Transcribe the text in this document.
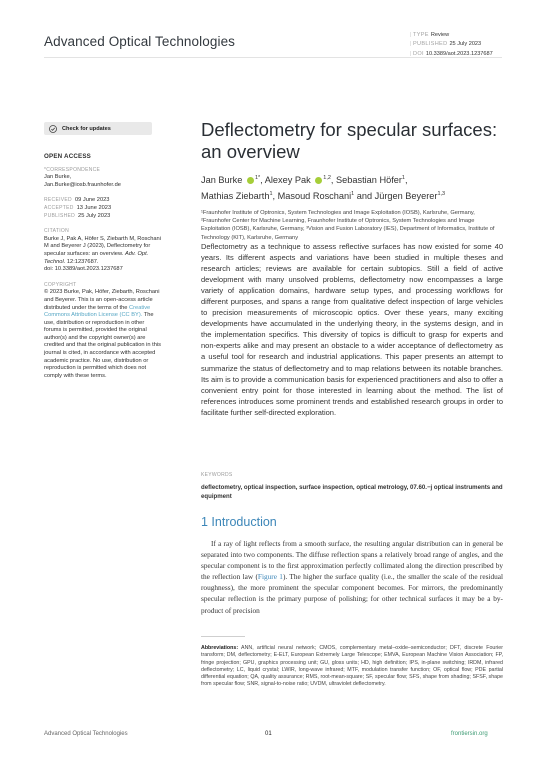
Advanced Optical Technologies	| TYPE Review
| PUBLISHED 25 July 2023
| DOI 10.3389/aot.2023.1237687
Check for updates
OPEN ACCESS
*CORRESPONDENCE
Jan Burke,
Jan.Burke@iosb.fraunhofer.de
RECEIVED 09 June 2023
ACCEPTED 13 June 2023
PUBLISHED 25 July 2023
CITATION
Burke J, Pak A, Höfer S, Ziebarth M, Roschani M and Beyerer J (2023), Deflectometry for specular surfaces: an overview. Adv. Opt. Technol. 12:1237687.
doi: 10.3389/aot.2023.1237687
COPYRIGHT
© 2023 Burke, Pak, Höfer, Ziebarth, Roschani and Beyerer. This is an open-access article distributed under the terms of the Creative Commons Attribution License (CC BY). The use, distribution or reproduction in other forums is permitted, provided the original author(s) and the copyright owner(s) are credited and that the original publication in this journal is cited, in accordance with accepted academic practice. No use, distribution or reproduction is permitted which does not comply with these terms.
Deflectometry for specular surfaces: an overview
Jan Burke $^{1*}$, Alexey Pak $^{1,2}$, Sebastian Höfer$^1$,
Mathias Ziebarth$^1$, Masoud Roschani$^1$ and Jürgen Beyerer$^{1,3}$
¹Fraunhofer Institute of Optronics, System Technologies and Image Exploitation (IOSB), Karlsruhe, Germany, ²Fraunhofer Center for Machine Learning, Fraunhofer Institute of Optronics, System Technologies and Image Exploitation (IOSB), Karlsruhe, Germany, ³Vision and Fusion Laboratory (IES), Department of Informatics, Institute of Technology (KIT), Karlsruhe, Germany
Deflectometry as a technique to assess reflective surfaces has now existed for some 40 years. Its different aspects and variations have been studied in multiple theses and research articles; reviews are available for certain subtopics. Still a field of active development with many unsolved problems, deflectometry now encompasses a large variety of application domains, hardware setup types, and processing workflows for different purposes, and spans a range from qualitative defect inspection of large vehicles to precision measurements of microscopic optics. Over these years, many exciting developments have accumulated in the underlying theory, in the systems design, and in the implementation specifics. This diversity of topics is difficult to grasp for experts and non-experts alike and may present an obstacle to a wider acceptance of deflectometry as a useful tool for research and industrial applications. This paper presents an attempt to summarize the status of deflectometry and to map relations between its notable branches. Its aim is to provide a communication basis for experienced practitioners and also to offer a convenient entry point for those interested in learning about the method. The list of references introduces some prominent trends and established research groups in order to facilitate further self-directed exploration.
KEYWORDS
deflectometry, optical inspection, surface inspection, optical metrology, 07.60.−j optical instruments and equipment
1 Introduction
If a ray of light reflects from a smooth surface, the resulting angular distribution can in general be separated into two components. The diffuse reflection spans a relatively broad range of angles, and the specular component is to the first approximation perfectly collimated along the direction prescribed by the reflection law (Figure 1). The higher the surface quality (i.e., the smaller the scale of the residual roughness), the more prominent the specular component becomes. For mirrors, the predominantly specular reflection is the primary purpose of polishing; for other technical surfaces it may be a by-product of precision
Abbreviations: ANN, artificial neural network; CMOS, complementary metal–oxide–semiconductor; DFT, discrete Fourier transform; DM, deflectometry; E-ELT, European Extremely Large Telescope; EMVA, European Machine Vision Association; FP, fringe projection; GPU, graphics processing unit; GU, gloss units; HD, high definition; IPS, in-plane switching; IRDM, infrared deflectometry; LC, liquid crystal; LWIR, long-wave infrared; MTF, modulation transfer function; OF, optical flow; PDE partial differential equation; QA, quality assurance; RMS, root-mean-square; SF, specular flow; SFS, shape from shading; SFSF, shape from specular flow; SNR, signal-to-noise ratio; UVDM, ultraviolet deflectometry.
Advanced Optical Technologies	01	frontiersin.org
